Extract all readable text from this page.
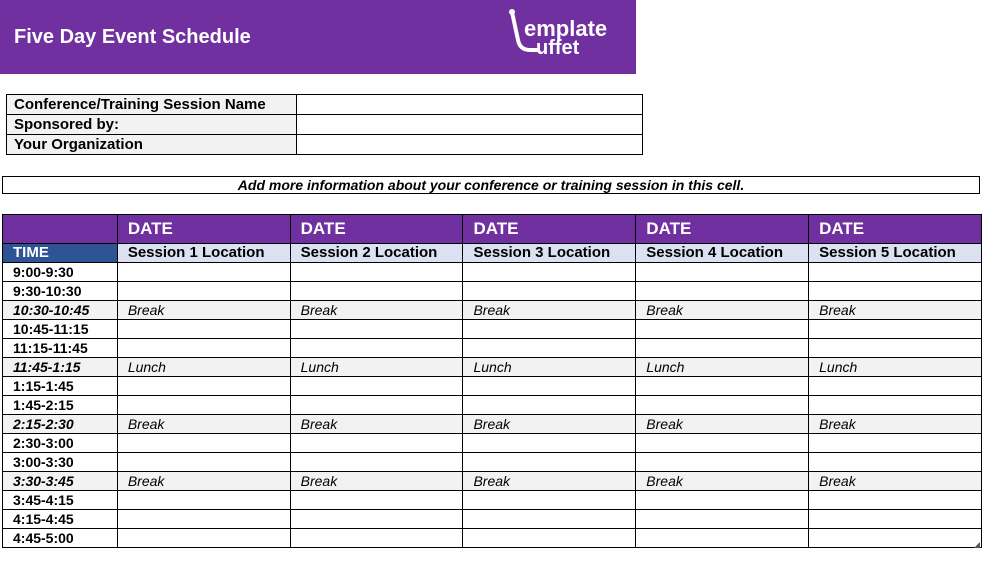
Five Day Event Schedule	emplate
uffet
Conference/Training Session Name	
Sponsored by:	
Your Organization	
Add more information about your conference or training session in this cell.
	DATE	DATE	DATE	DATE	DATE
TIME	Session 1 Location	Session 2 Location	Session 3 Location	Session 4 Location	Session 5 Location
9:00-9:30					
9:30-10:30					
10:30-10:45	Break	Break	Break	Break	Break
10:45-11:15					
11:15-11:45					
11:45-1:15	Lunch	Lunch	Lunch	Lunch	Lunch
1:15-1:45					
1:45-2:15					
2:15-2:30	Break	Break	Break	Break	Break
2:30-3:00					
3:00-3:30					
3:30-3:45	Break	Break	Break	Break	Break
3:45-4:15					
4:15-4:45					
4:45-5:00					
